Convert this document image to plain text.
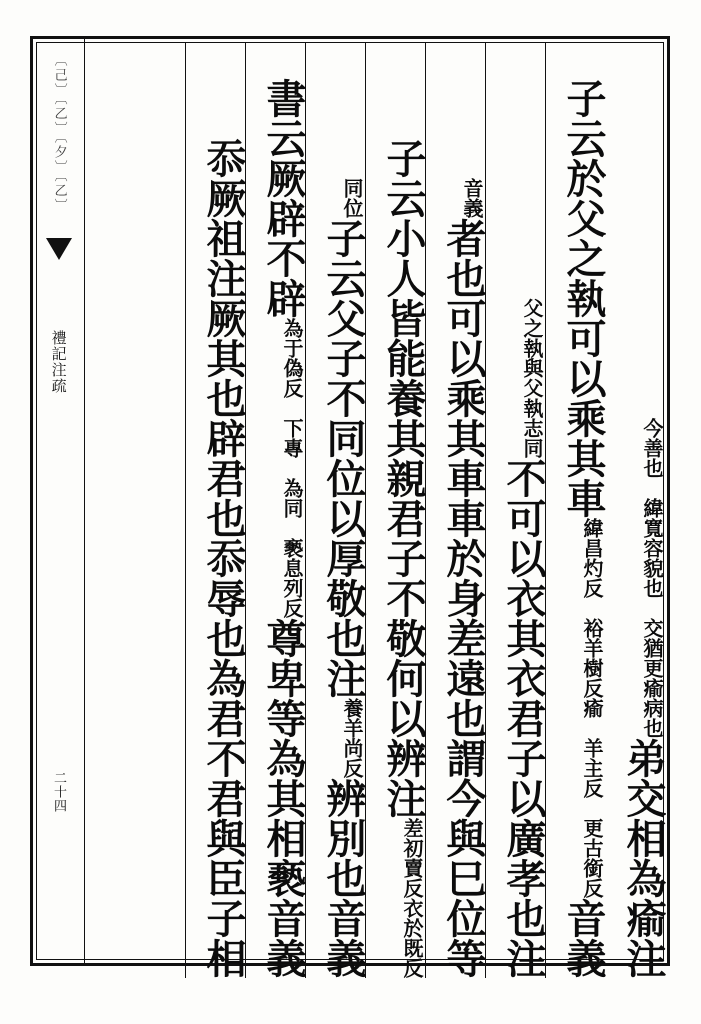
〔己〕〔乙〕〔夕〕〔乙〕
禮記注疏
二十四	弟交相為瘉注
今善也　緯寬容貌也　交猶更瘉病也
音義
瘉　羊主反　更古銜反
緯昌灼反　裕羊樹反
子云於父之執可以乘其車
不可以衣其衣君子以廣孝也注
父之執與父執志同
者也可以乘其車車於身差遠也謂今與巳位等
音義
衣於既反
差初賣反
子云小人皆能養其親君子不敬何以辨注
辨別也音義
養羊尚反
子云父子不同位以厚敬也注
同位
尊卑等為其相褻音義
為于偽反　下專　為同　褻息列反
書云厥辟不辟
忝厥祖注厥其也辟君也忝辱也為君不君與臣子相
